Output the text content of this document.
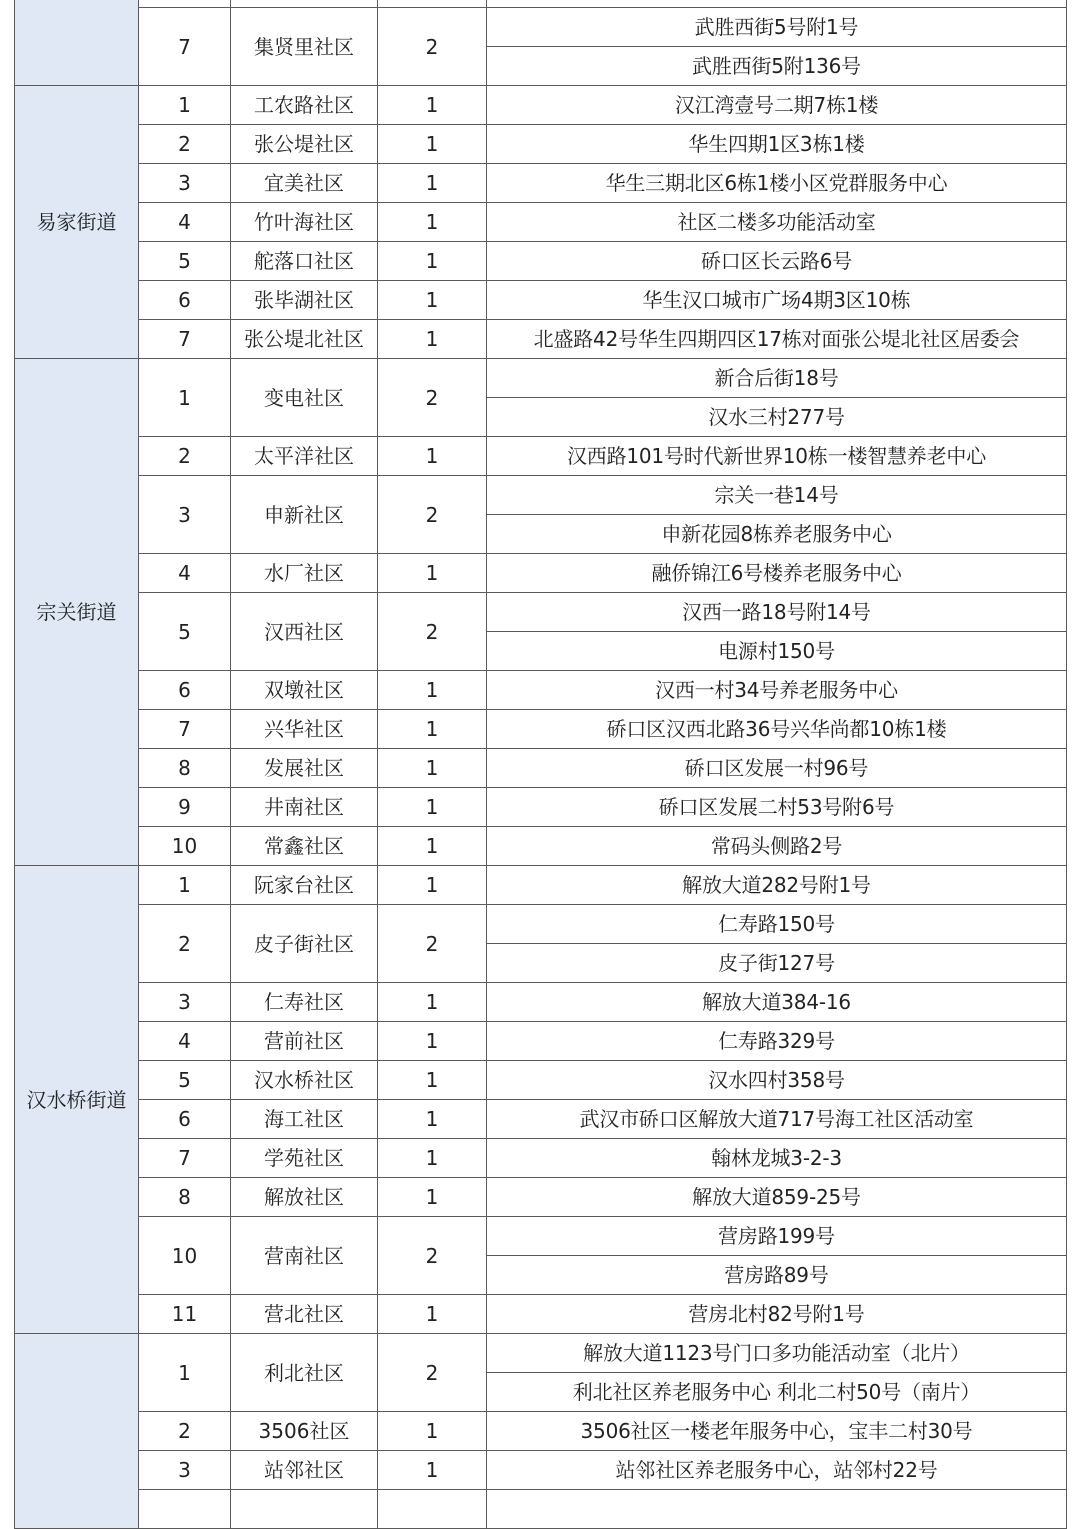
	7	集贤里社区	2	武胜西街5号附1号
				武胜西街5附136号
易家街道	1	工农路社区	1	汉江湾壹号二期7栋1楼
	2	张公堤社区	1	华生四期1区3栋1楼
	3	宜美社区	1	华生三期北区6栋1楼小区党群服务中心
	4	竹叶海社区	1	社区二楼多功能活动室
	5	舵落口社区	1	硚口区长云路6号
	6	张毕湖社区	1	华生汉口城市广场4期3区10栋
	7	张公堤北社区	1	北盛路42号华生四期四区17栋对面张公堤北社区居委会
宗关街道	1	变电社区	2	新合后街18号
				汉水三村277号
	2	太平洋社区	1	汉西路101号时代新世界10栋一楼智慧养老中心
	3	申新社区	2	宗关一巷14号
				申新花园8栋养老服务中心
	4	水厂社区	1	融侨锦江6号楼养老服务中心
	5	汉西社区	2	汉西一路18号附14号
				电源村150号
	6	双墩社区	1	汉西一村34号养老服务中心
	7	兴华社区	1	硚口区汉西北路36号兴华尚都10栋1楼
	8	发展社区	1	硚口区发展一村96号
	9	井南社区	1	硚口区发展二村53号附6号
	10	常鑫社区	1	常码头侧路2号
汉水桥街道	1	阮家台社区	1	解放大道282号附1号
	2	皮子街社区	2	仁寿路150号
				皮子街127号
	3	仁寿社区	1	解放大道384-16
	4	营前社区	1	仁寿路329号
	5	汉水桥社区	1	汉水四村358号
	6	海工社区	1	武汉市硚口区解放大道717号海工社区活动室
	7	学苑社区	1	翰林龙城3-2-3
	8	解放社区	1	解放大道859-25号
	10	营南社区	2	营房路199号
				营房路89号
	11	营北社区	1	营房北村82号附1号
	1	利北社区	2	解放大道1123号门口多功能活动室（北片）
				利北社区养老服务中心 利北二村50号（南片）
	2	3506社区	1	3506社区一楼老年服务中心，宝丰二村30号
	3	站邻社区	1	站邻社区养老服务中心，站邻村22号
